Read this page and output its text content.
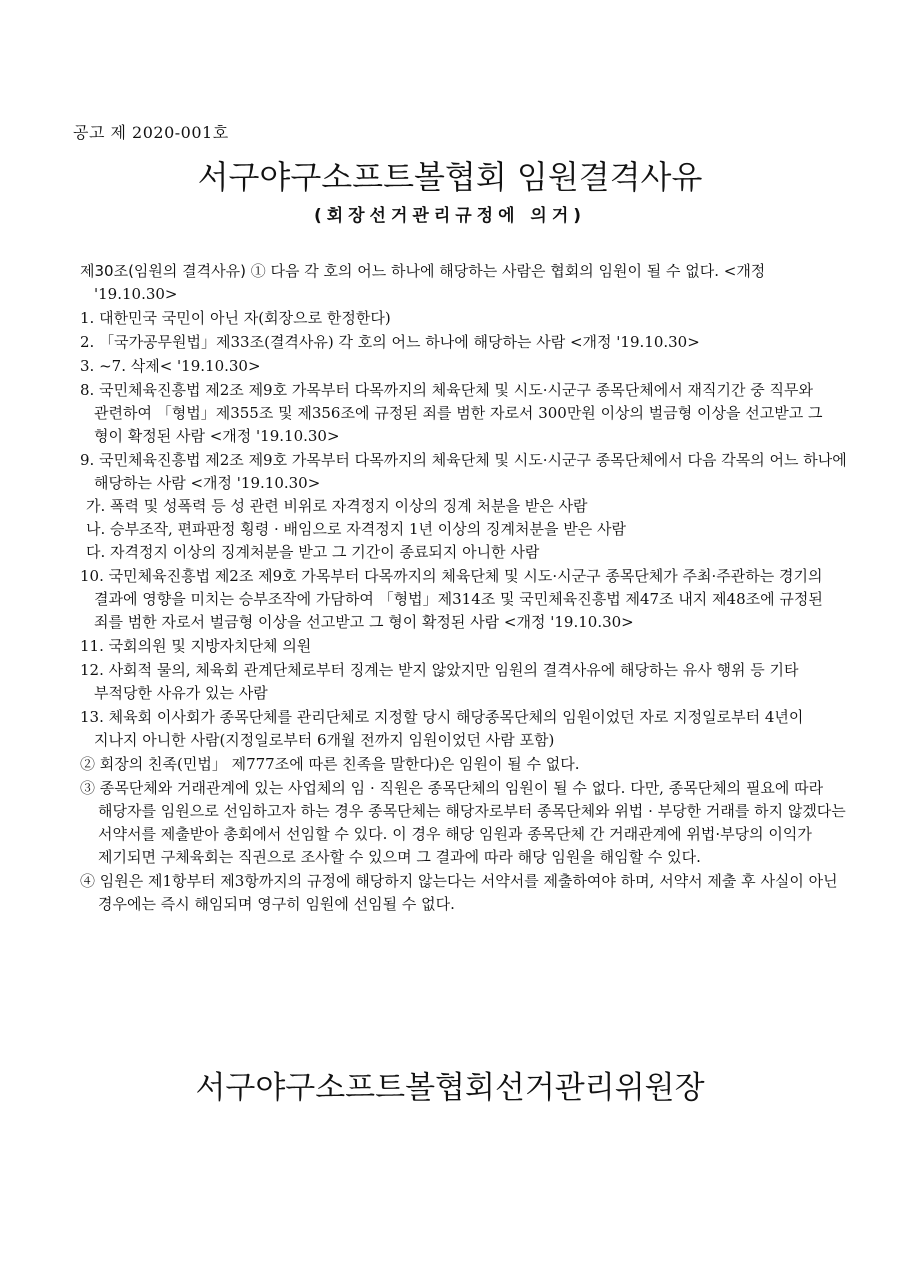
공고 제 2020-001호
서구야구소프트볼협회 임원결격사유
(회장선거관리규정에 의거)

제30조(임원의 결격사유) ① 다음 각 호의 어느 하나에 해당하는 사람은 협회의 임원이 될 수 없다. <개정 '19.10.30>

1. 대한민국 국민이 아닌 자(회장으로 한정한다)

2. 「국가공무원법」제33조(결격사유) 각 호의 어느 하나에 해당하는 사람 <개정 '19.10.30>

3. ~7. 삭제< '19.10.30>

8. 국민체육진흥법 제2조 제9호 가목부터 다목까지의 체육단체 및 시도·시군구 종목단체에서 재직기간 중 직무와 관련하여 「형법」제355조 및 제356조에 규정된 죄를 범한 자로서 300만원 이상의 벌금형 이상을 선고받고 그 형이 확정된 사람 <개정 '19.10.30>

9. 국민체육진흥법 제2조 제9호 가목부터 다목까지의 체육단체 및 시도·시군구 종목단체에서 다음 각목의 어느 하나에 해당하는 사람 <개정 '19.10.30>

가. 폭력 및 성폭력 등 성 관련 비위로 자격정지 이상의 징계 처분을 받은 사람

나. 승부조작, 편파판정 횡령 · 배임으로 자격정지 1년 이상의 징계처분을 받은 사람

다. 자격정지 이상의 징계처분을 받고 그 기간이 종료되지 아니한 사람

10. 국민체육진흥법 제2조 제9호 가목부터 다목까지의 체육단체 및 시도·시군구 종목단체가 주최·주관하는 경기의 결과에 영향을 미치는 승부조작에 가담하여 「형법」제314조 및 국민체육진흥법 제47조 내지 제48조에 규정된 죄를 범한 자로서 벌금형 이상을 선고받고 그 형이 확정된 사람 <개정 '19.10.30>

11. 국회의원 및 지방자치단체 의원

12. 사회적 물의, 체육회 관계단체로부터 징계는 받지 않았지만 임원의 결격사유에 해당하는 유사 행위 등 기타 부적당한 사유가 있는 사람

13. 체육회 이사회가 종목단체를 관리단체로 지정할 당시 해당종목단체의 임원이었던 자로 지정일로부터 4년이 지나지 아니한 사람(지정일로부터 6개월 전까지 임원이었던 사람 포함)

② 회장의 친족(민법」 제777조에 따른 친족을 말한다)은 임원이 될 수 없다.

③ 종목단체와 거래관계에 있는 사업체의 임 · 직원은 종목단체의 임원이 될 수 없다. 다만, 종목단체의 필요에 따라 해당자를 임원으로 선임하고자 하는 경우 종목단체는 해당자로부터 종목단체와 위법 · 부당한 거래를 하지 않겠다는 서약서를 제출받아 총회에서 선임할 수 있다. 이 경우 해당 임원과 종목단체 간 거래관계에 위법·부당의 이익가 제기되면 구체육회는 직권으로 조사할 수 있으며 그 결과에 따라 해당 임원을 해임할 수 있다.

④ 임원은 제1항부터 제3항까지의 규정에 해당하지 않는다는 서약서를 제출하여야 하며, 서약서 제출 후 사실이 아닌 경우에는 즉시 해임되며 영구히 임원에 선임될 수 없다.

서구야구소프트볼협회선거관리위원장
